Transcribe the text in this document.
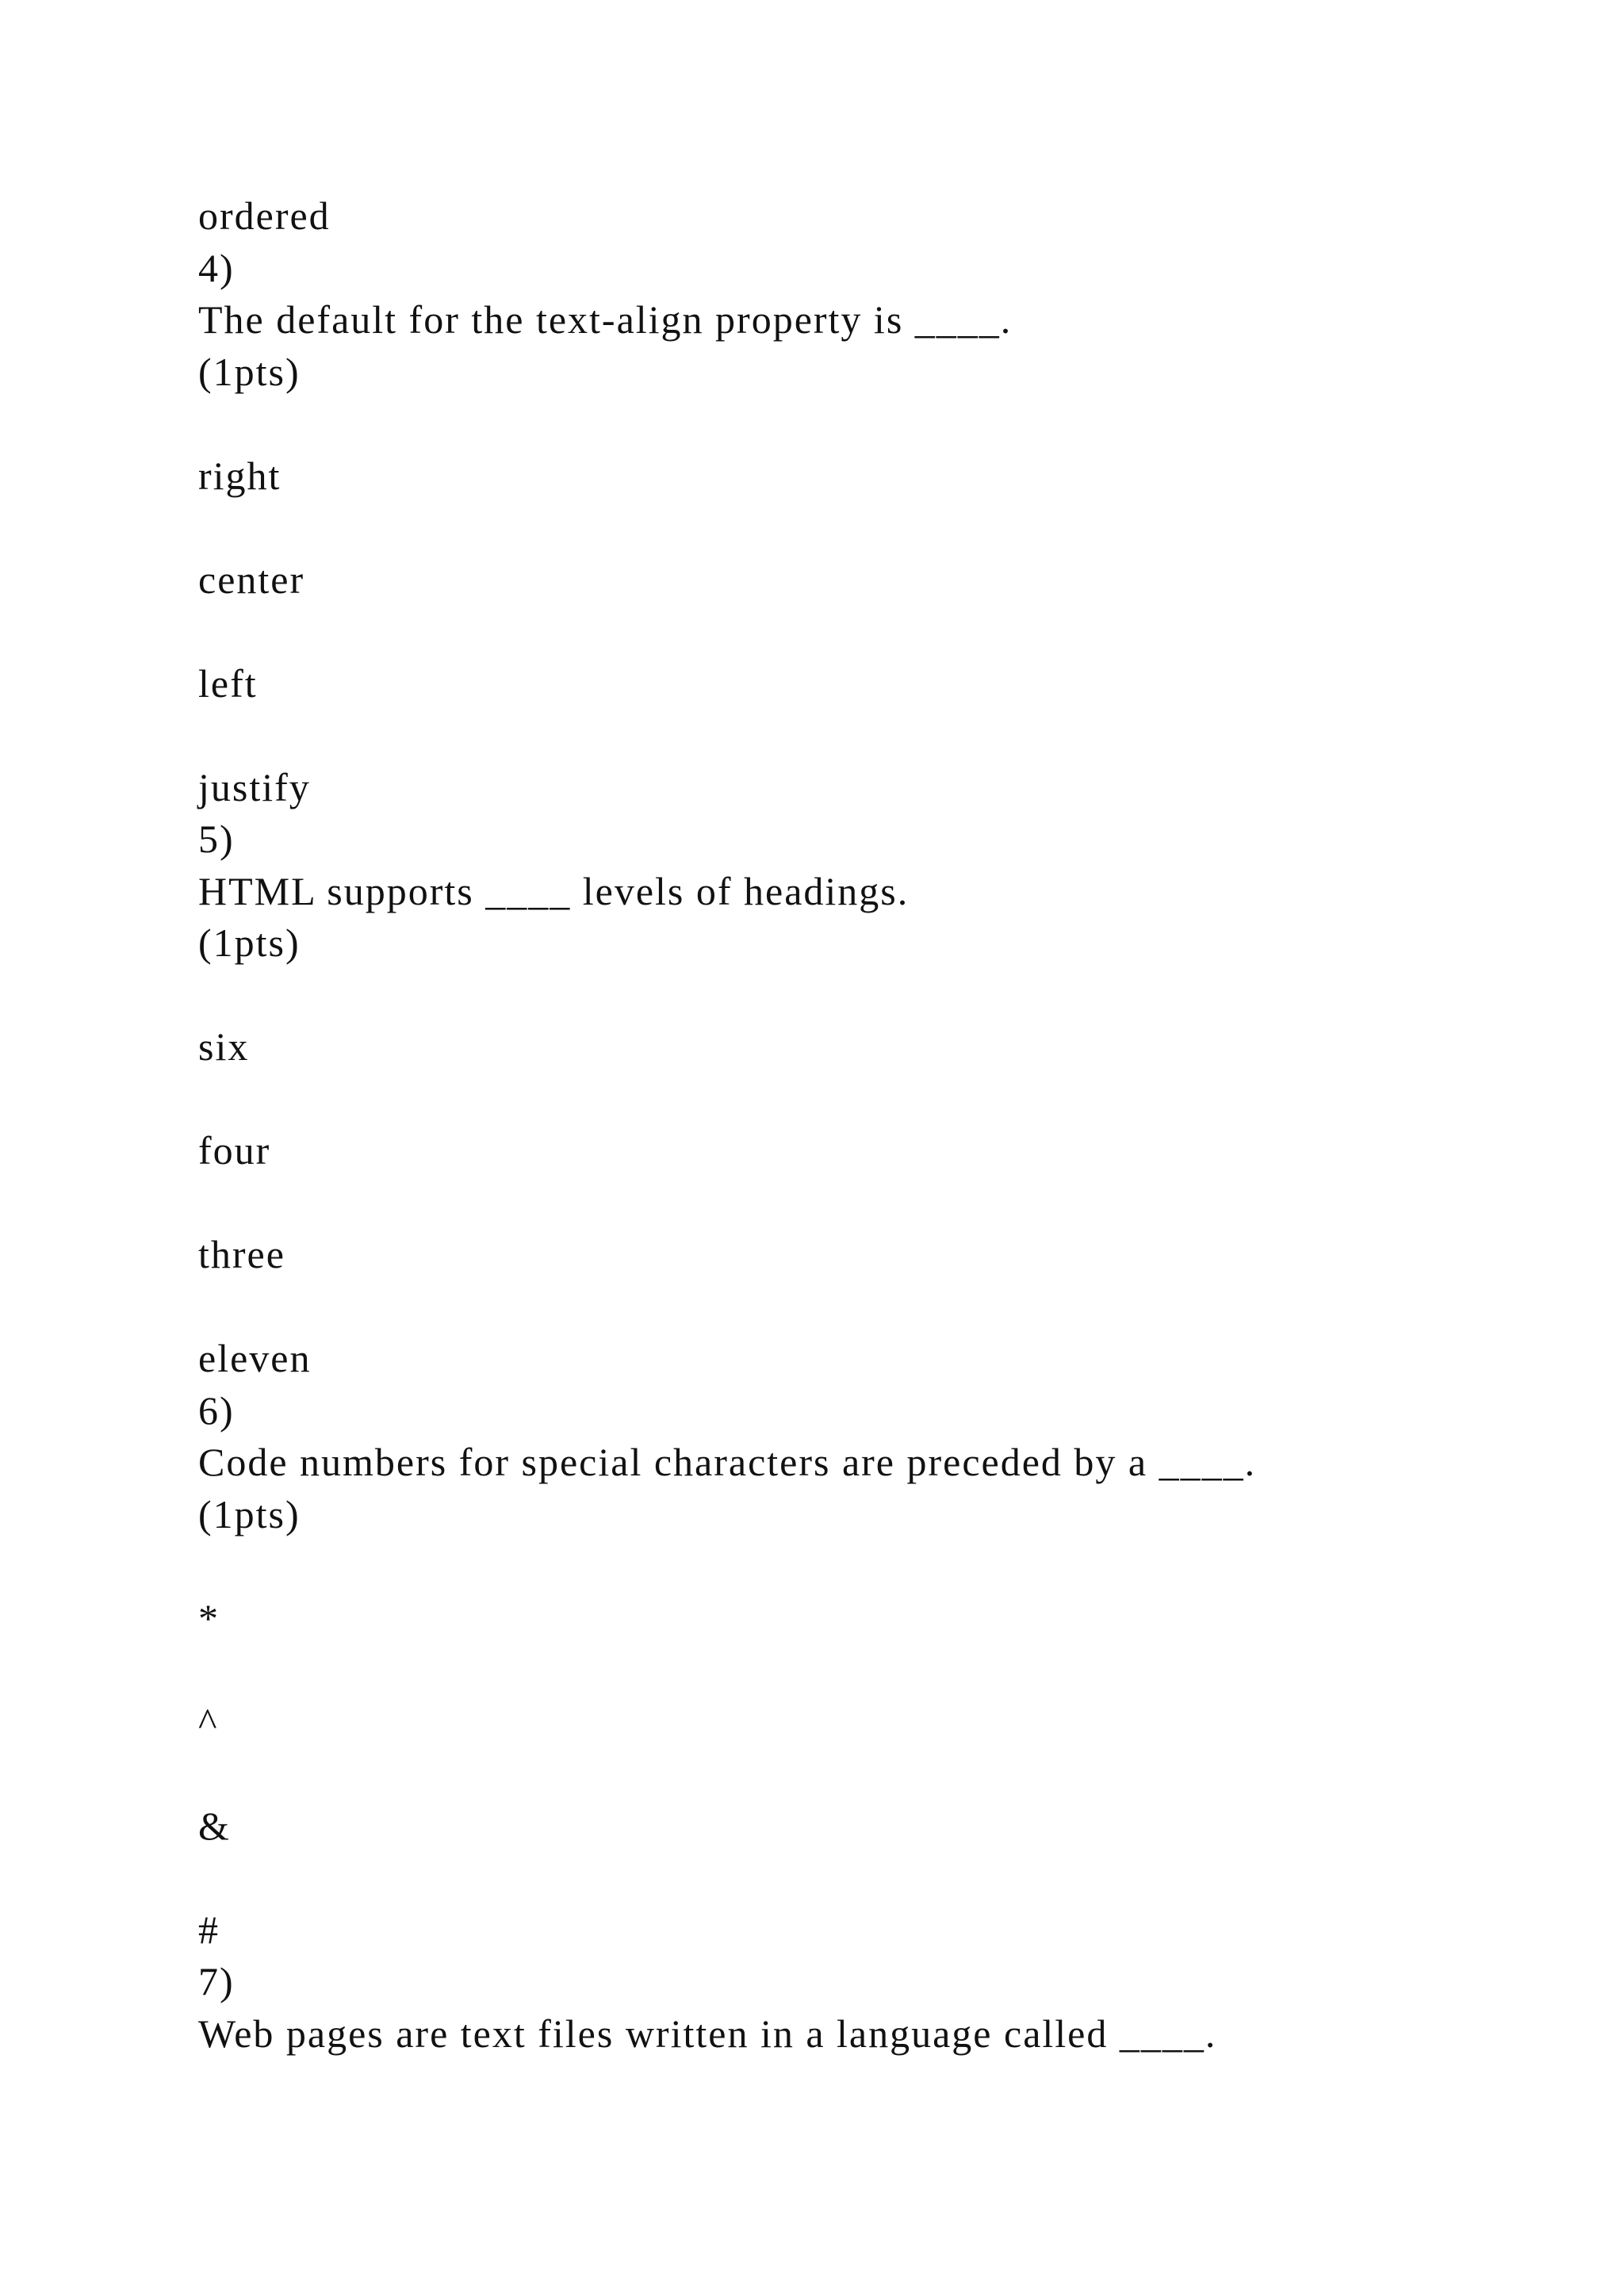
ordered
4)
The default for the text-align property is ____.
(1pts)
right
center
left
justify
5)
HTML supports ____ levels of headings.
(1pts)
six
four
three
eleven
6)
Code numbers for special characters are preceded by a ____.
(1pts)
*
^
&
#
7)
Web pages are text files written in a language called ____.
